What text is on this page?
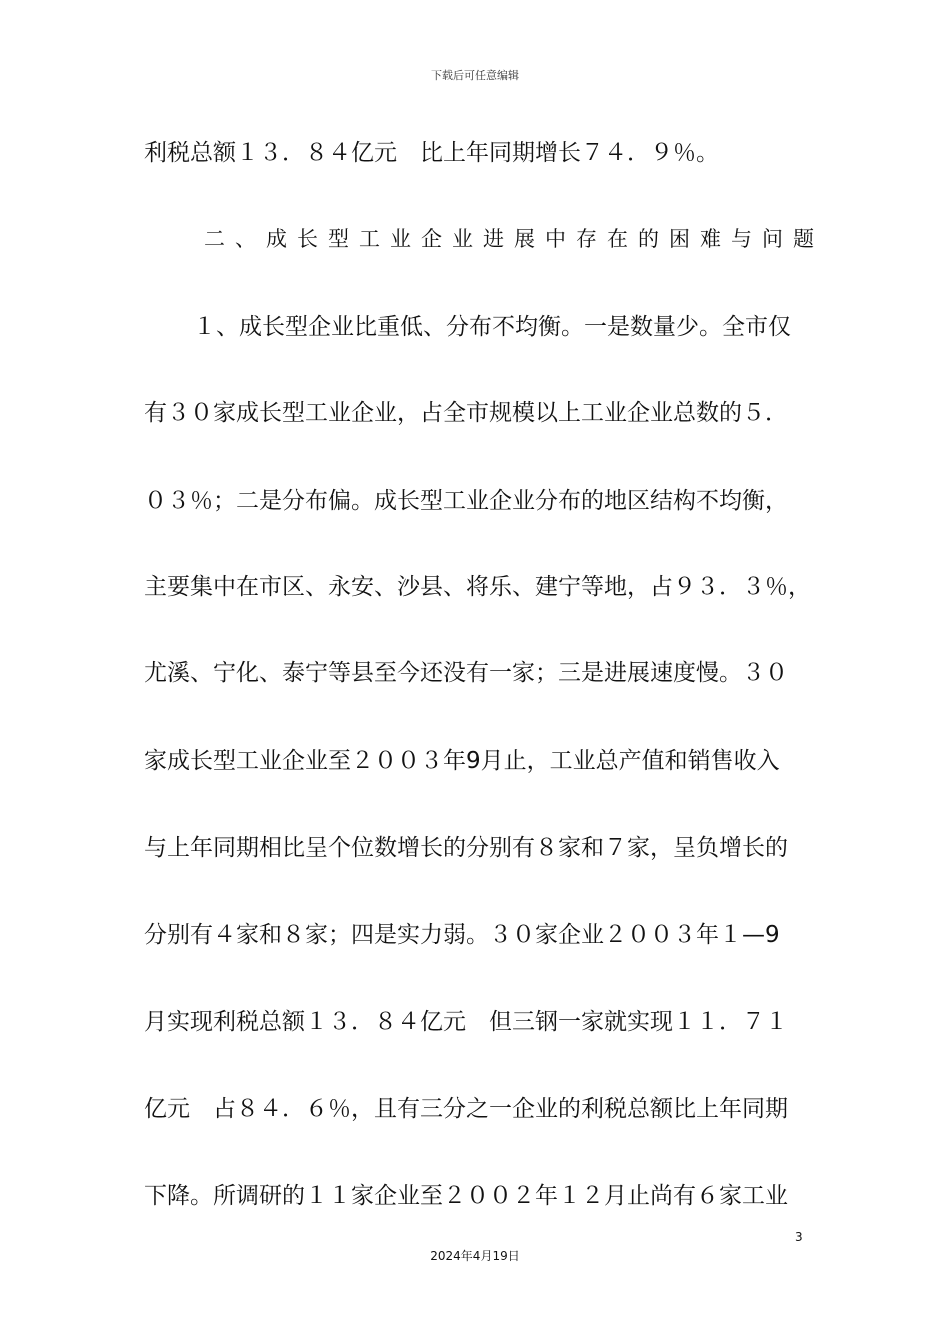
下载后可任意编辑
利税总额１３．８４亿元　比上年同期增长７４．９％。
二、成长型工业企业进展中存在的困难与问题
１、成长型企业比重低、分布不均衡。一是数量少。全市仅
有３０家成长型工业企业，占全市规模以上工业企业总数的５．
０３％；二是分布偏。成长型工业企业分布的地区结构不均衡，
主要集中在市区、永安、沙县、将乐、建宁等地，占９３．３％，
尤溪、宁化、泰宁等县至今还没有一家；三是进展速度慢。３０
家成长型工业企业至２００３年9月止，工业总产值和销售收入
与上年同期相比呈个位数增长的分别有８家和７家，呈负增长的
分别有４家和８家；四是实力弱。３０家企业２００３年１—9
月实现利税总额１３．８４亿元　但三钢一家就实现１１．７１
亿元　占８４．６％，且有三分之一企业的利税总额比上年同期
下降。所调研的１１家企业至２００２年１２月止尚有６家工业
3
2024年4月19日
